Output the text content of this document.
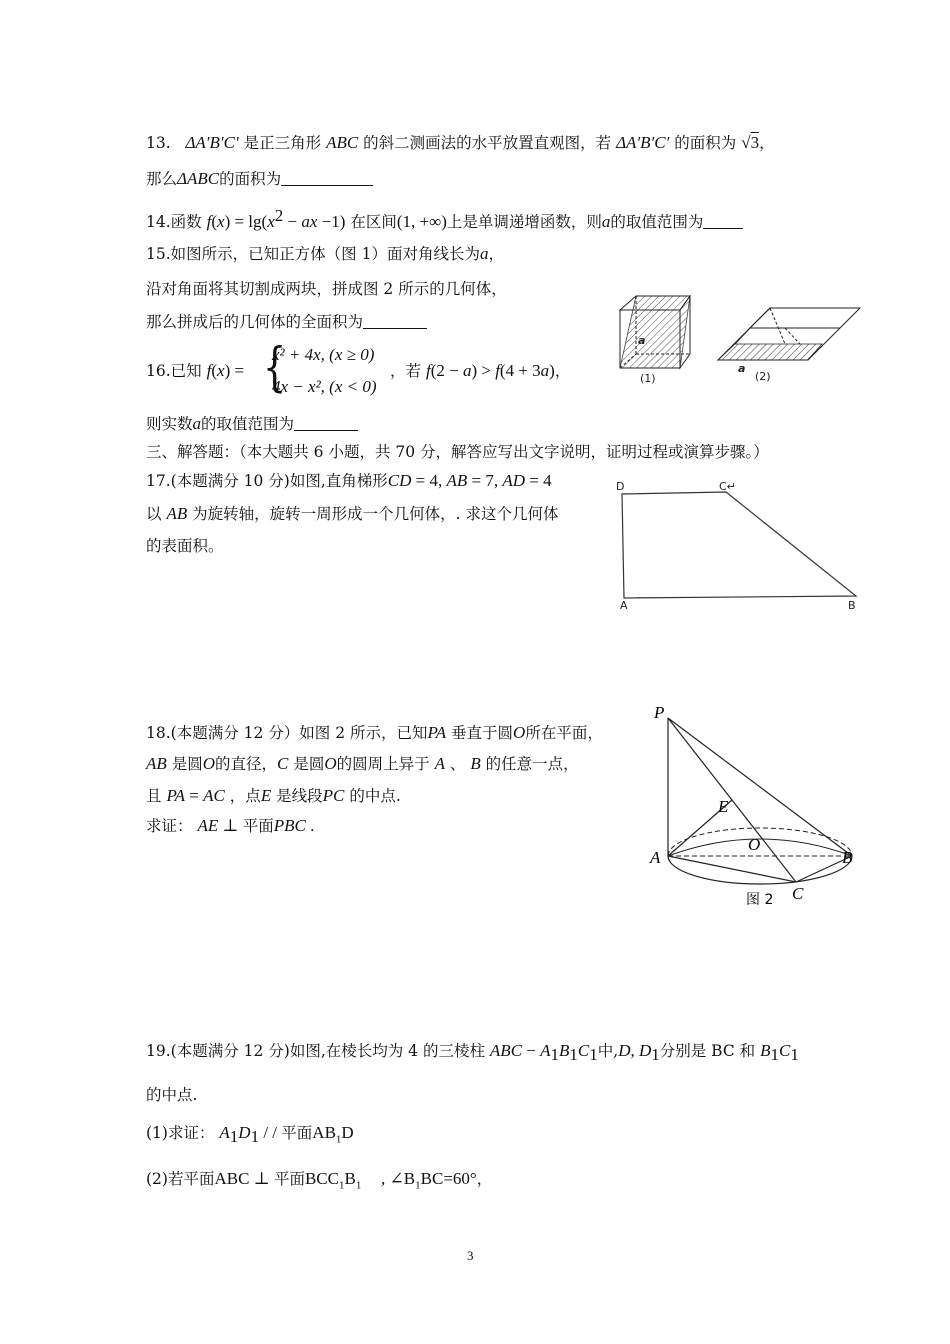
13. ΔA′B′C′ 是正三角形 ABC 的斜二测画法的水平放置直观图，若 ΔA′B′C′ 的面积为 √3，
那么ΔABC的面积为
14.函数 $f(x) = \lg(x^2$ − ax −1) 在区间(1, +∞)上是单调递增函数，则a的取值范围为
15.如图所示，已知正方体（图 1）面对角线长为a，
沿对角面将其切割成两块，拼成图 2 所示的几何体，
那么拼成后的几何体的全面积为
a
(1)
a
(2)
16.已知 f(x) = {
x² + 4x, (x ≥ 0)
4x − x², (x < 0)
，若 f(2 − a) > f(4 + 3a)，
则实数a的取值范围为
三、解答题：（本大题共 6 小题，共 70 分，解答应写出文字说明，证明过程或演算步骤。）
17.(本题满分 10 分)如图,直角梯形CD = 4, AB = 7, AD = 4
以 AB 为旋转轴，旋转一周形成一个几何体，. 求这个几何体
的表面积。
D	C↵
A	B
18.(本题满分 12 分）如图 2 所示，已知PA 垂直于圆O所在平面，
AB 是圆O的直径，C 是圆O的圆周上异于 A 、 B 的任意一点，
且 PA = AC ，点E 是线段PC 的中点.
求证： AE ⊥ 平面PBC .
P
E
O
A	B
C
图 2
19.(本题满分 12 分)如图,在棱长均为 4 的三棱柱 ABC − $A_1B_1C_1$中,D, $D_1$分别是 BC 和 $B_1C_1$
的中点.
(1)求证： $A_1D_1$ / / 平面$AB_1D$
(2)若平面ABC ⊥ 平面$BCC_1B_1$ , $\angle B_1BC=60^\circ$，
3
